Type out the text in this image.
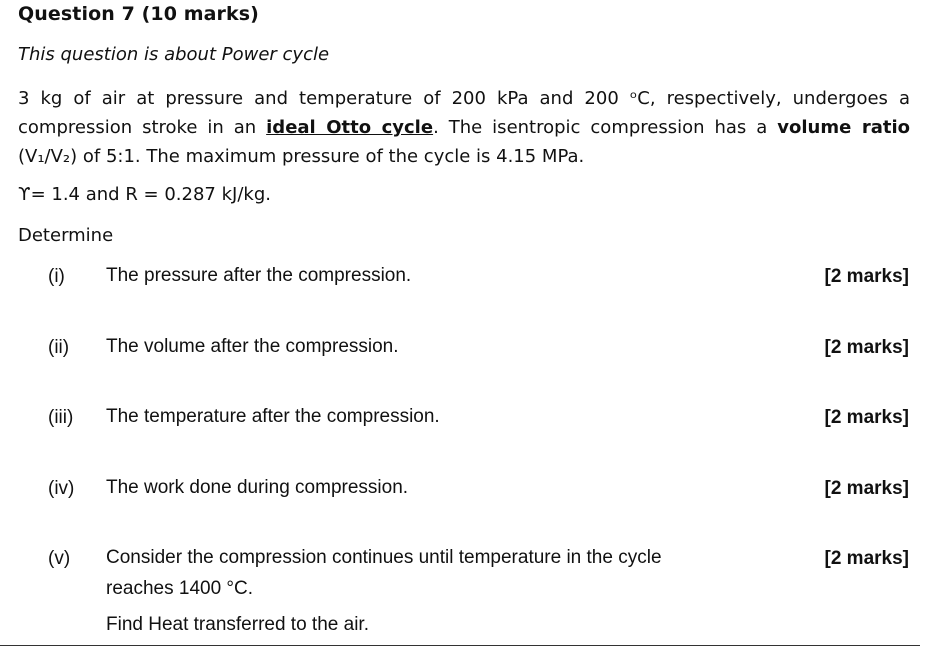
Question 7 (10 marks)
This question is about Power cycle
3 kg of air at pressure and temperature of 200 kPa and 200 ᵒC, respectively, undergoes a compression stroke in an ideal Otto cycle. The isentropic compression has a volume ratio (V₁/V₂) of 5:1. The maximum pressure of the cycle is 4.15 MPa.
ϒ= 1.4 and R = 0.287 kJ/kg.
Determine
(i) The pressure after the compression.	[2 marks]
(ii) The volume after the compression.	[2 marks]
(iii) The temperature after the compression.	[2 marks]
(iv) The work done during compression.	[2 marks]
(v) Consider the compression continues until temperature in the cycle
reaches 1400 °C.
Find Heat transferred to the air.
[2 marks]
